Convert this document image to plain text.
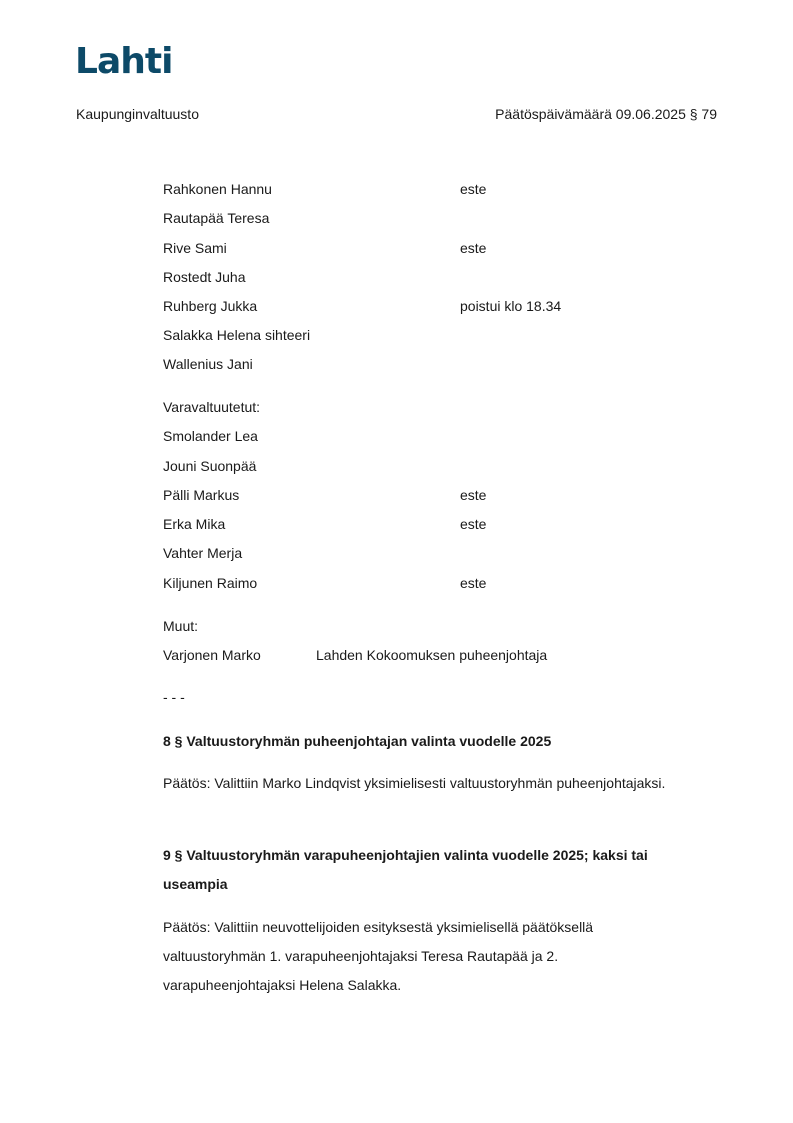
Lahti
Kaupunginvaltuusto	Päätöspäivämäärä 09.06.2025 § 79
Rahkonen Hannu	este
Rautapää Teresa
Rive Sami	este
Rostedt Juha
Ruhberg Jukka	poistui klo 18.34
Salakka Helena sihteeri
Wallenius Jani
Varavaltuutetut:
Smolander Lea
Jouni Suonpää
Pälli Markus	este
Erka Mika	este
Vahter Merja
Kiljunen Raimo	este
Muut:
Varjonen Marko	Lahden Kokoomuksen puheenjohtaja
- - -
8 § Valtuustoryhmän puheenjohtajan valinta vuodelle 2025
Päätös: Valittiin Marko Lindqvist yksimielisesti valtuustoryhmän puheenjohtajaksi.
9 § Valtuustoryhmän varapuheenjohtajien valinta vuodelle 2025; kaksi tai
useampia
Päätös: Valittiin neuvottelijoiden esityksestä yksimielisellä päätöksellä
valtuustoryhmän 1. varapuheenjohtajaksi Teresa Rautapää ja 2.
varapuheenjohtajaksi Helena Salakka.
